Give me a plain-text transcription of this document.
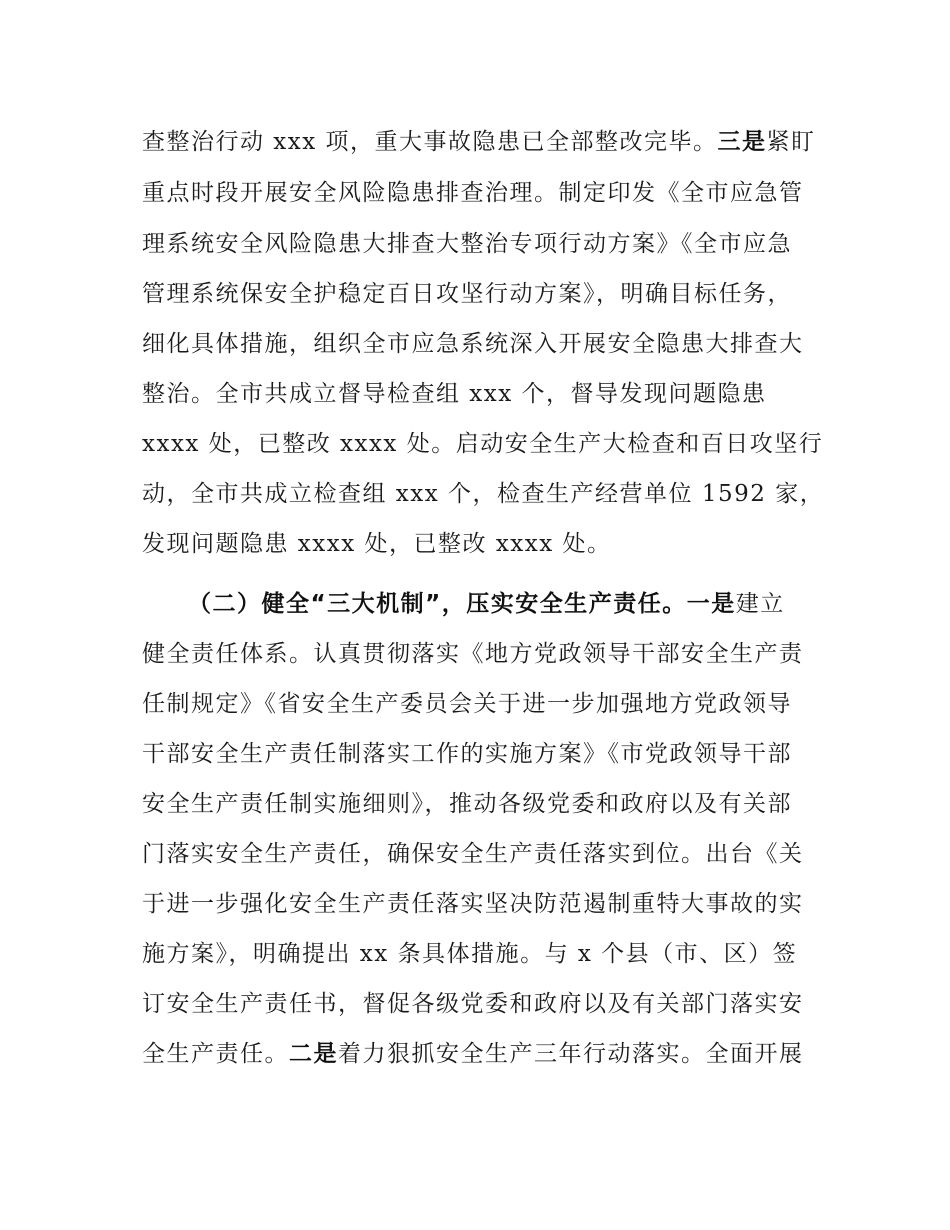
查整治行动 xxx 项，重大事故隐患已全部整改完毕。三是紧盯
重点时段开展安全风险隐患排查治理。制定印发《全市应急管
理系统安全风险隐患大排查大整治专项行动方案》《全市应急
管理系统保安全护稳定百日攻坚行动方案》，明确目标任务，
细化具体措施，组织全市应急系统深入开展安全隐患大排查大
整治。全市共成立督导检查组 xxx 个，督导发现问题隐患
xxxx 处，已整改 xxxx 处。启动安全生产大检查和百日攻坚行
动，全市共成立检查组 xxx 个，检查生产经营单位 1592 家，
发现问题隐患 xxxx 处，已整改 xxxx 处。
（二）健全“三大机制”，压实安全生产责任。一是建立
健全责任体系。认真贯彻落实《地方党政领导干部安全生产责
任制规定》《省安全生产委员会关于进一步加强地方党政领导
干部安全生产责任制落实工作的实施方案》《市党政领导干部
安全生产责任制实施细则》，推动各级党委和政府以及有关部
门落实安全生产责任，确保安全生产责任落实到位。出台《关
于进一步强化安全生产责任落实坚决防范遏制重特大事故的实
施方案》，明确提出 xx 条具体措施。与 x 个县（市、区）签
订安全生产责任书，督促各级党委和政府以及有关部门落实安
全生产责任。二是着力狠抓安全生产三年行动落实。全面开展
